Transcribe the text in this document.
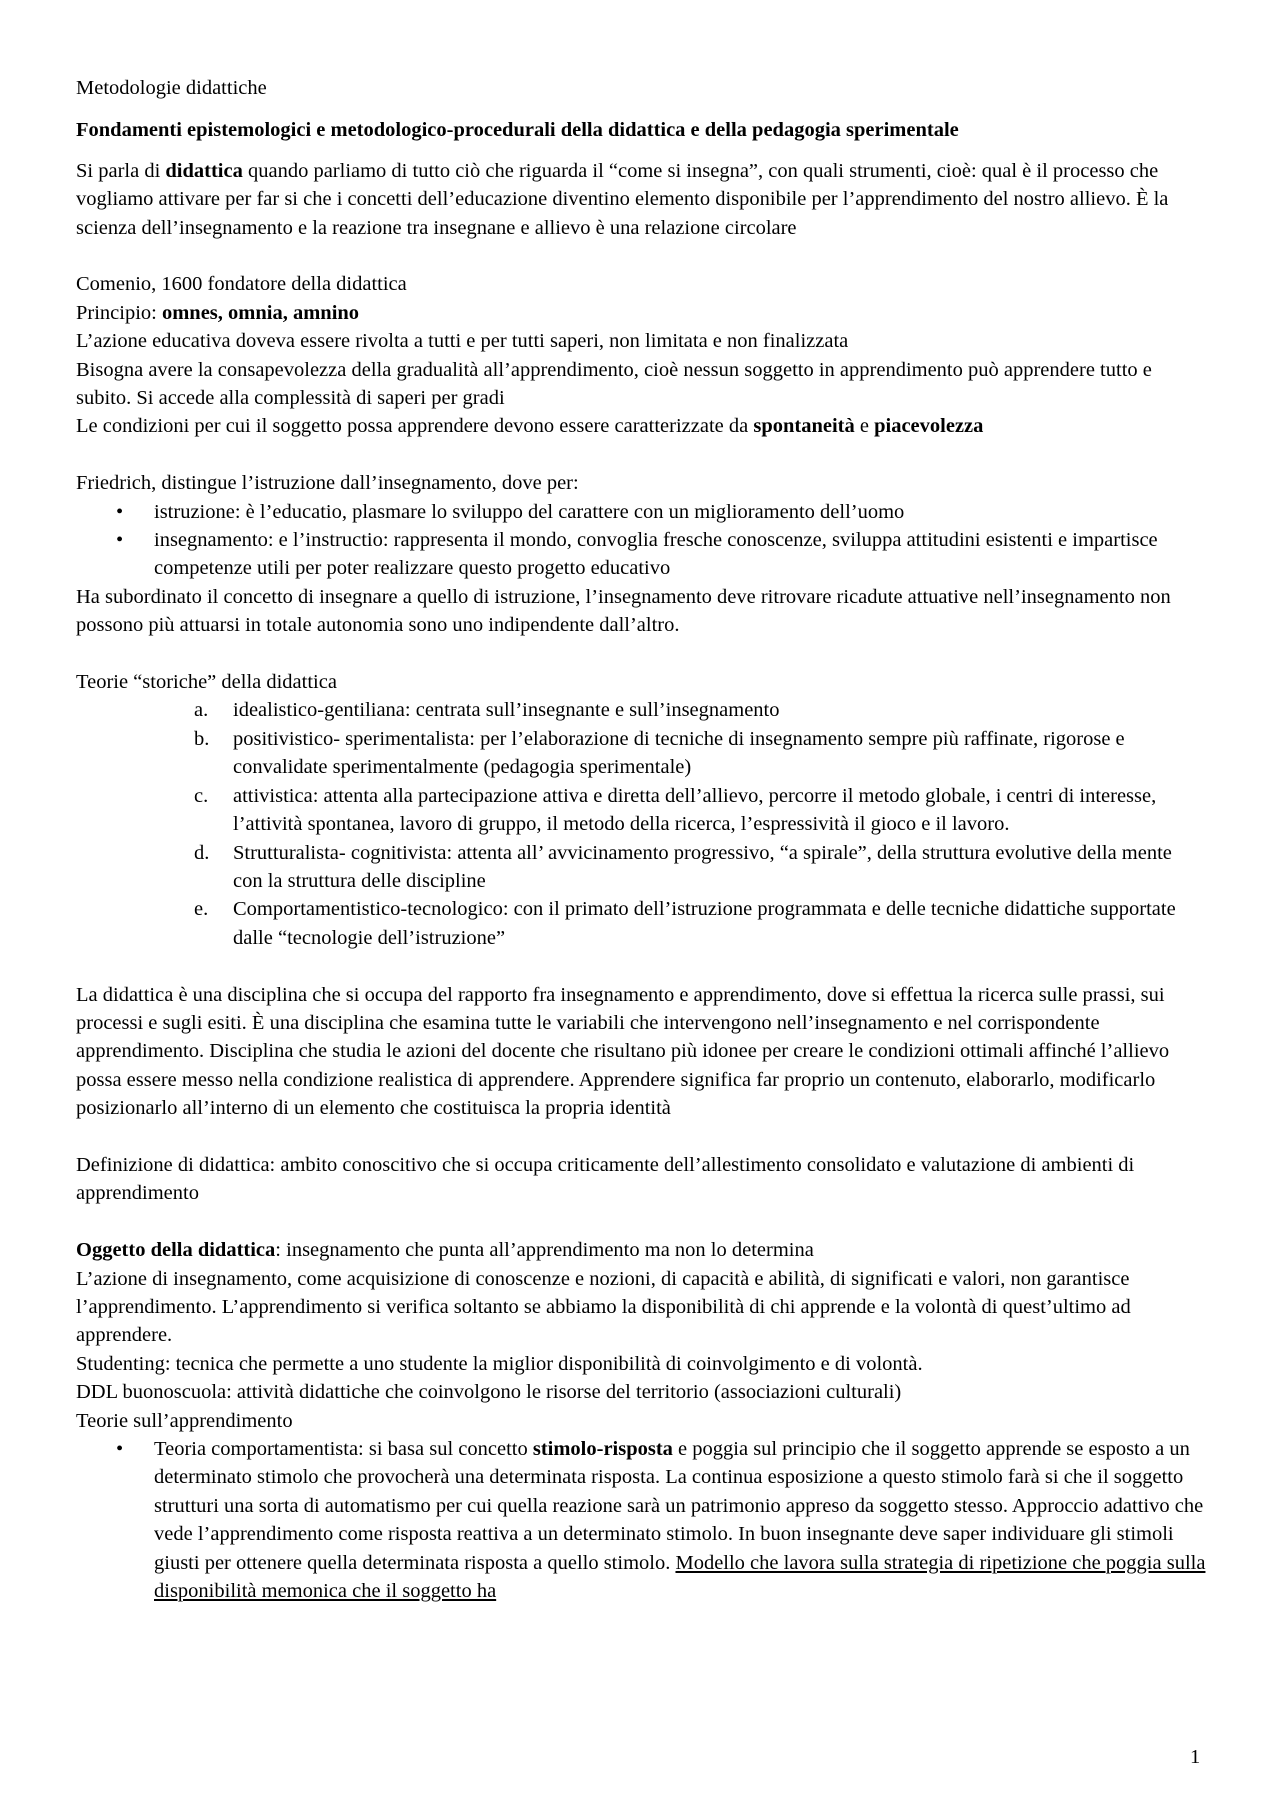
Metodologie didattiche

Fondamenti epistemologici e metodologico-procedurali della didattica e della pedagogia sperimentale

Si parla di didattica quando parliamo di tutto ciò che riguarda il “come si insegna”, con quali strumenti, cioè: qual è il processo che vogliamo attivare per far si che i concetti dell’educazione diventino elemento disponibile per l’apprendimento del nostro allievo. È la scienza dell’insegnamento e la reazione tra insegnane e allievo è una relazione circolare

Comenio, 1600 fondatore della didattica

Principio: omnes, omnia, amnino

L’azione educativa doveva essere rivolta a tutti e per tutti saperi, non limitata e non finalizzata

Bisogna avere la consapevolezza della gradualità all’apprendimento, cioè nessun soggetto in apprendimento può apprendere tutto e subito. Si accede alla complessità di saperi per gradi

Le condizioni per cui il soggetto possa apprendere devono essere caratterizzate da spontaneità e piacevolezza

Friedrich, distingue l’istruzione dall’insegnamento, dove per:

• istruzione: è l’educatio, plasmare lo sviluppo del carattere con un miglioramento dell’uomo
• insegnamento: e l’instructio: rappresenta il mondo, convoglia fresche conoscenze, sviluppa attitudini esistenti e impartisce competenze utili per poter realizzare questo progetto educativo

Ha subordinato il concetto di insegnare a quello di istruzione, l’insegnamento deve ritrovare ricadute attuative nell’insegnamento non possono più attuarsi in totale autonomia sono uno indipendente dall’altro.

Teorie “storiche” della didattica

a. idealistico-gentiliana: centrata sull’insegnante e sull’insegnamento
b. positivistico- sperimentalista: per l’elaborazione di tecniche di insegnamento sempre più raffinate, rigorose e convalidate sperimentalmente (pedagogia sperimentale)
c. attivistica: attenta alla partecipazione attiva e diretta dell’allievo, percorre il metodo globale, i centri di interesse, l’attività spontanea, lavoro di gruppo, il metodo della ricerca, l’espressività il gioco e il lavoro.
d. Strutturalista- cognitivista: attenta all’ avvicinamento progressivo, “a spirale”, della struttura evolutive della mente con la struttura delle discipline
e. Comportamentistico-tecnologico: con il primato dell’istruzione programmata e delle tecniche didattiche supportate dalle “tecnologie dell’istruzione”

La didattica è una disciplina che si occupa del rapporto fra insegnamento e apprendimento, dove si effettua la ricerca sulle prassi, sui processi e sugli esiti. È una disciplina che esamina tutte le variabili che intervengono nell’insegnamento e nel corrispondente apprendimento. Disciplina che studia le azioni del docente che risultano più idonee per creare le condizioni ottimali affinché l’allievo possa essere messo nella condizione realistica di apprendere. Apprendere significa far proprio un contenuto, elaborarlo, modificarlo posizionarlo all’interno di un elemento che costituisca la propria identità

Definizione di didattica: ambito conoscitivo che si occupa criticamente dell’allestimento consolidato e valutazione di ambienti di apprendimento

Oggetto della didattica: insegnamento che punta all’apprendimento ma non lo determina

L’azione di insegnamento, come acquisizione di conoscenze e nozioni, di capacità e abilità, di significati e valori, non garantisce l’apprendimento. L’apprendimento si verifica soltanto se abbiamo la disponibilità di chi apprende e la volontà di quest’ultimo ad apprendere.

Studenting: tecnica che permette a uno studente la miglior disponibilità di coinvolgimento e di volontà.

DDL buonoscuola: attività didattiche che coinvolgono le risorse del territorio (associazioni culturali)

Teorie sull’apprendimento

• Teoria comportamentista: si basa sul concetto stimolo-risposta e poggia sul principio che il soggetto apprende se esposto a un determinato stimolo che provocherà una determinata risposta. La continua esposizione a questo stimolo farà si che il soggetto strutturi una sorta di automatismo per cui quella reazione sarà un patrimonio appreso da soggetto stesso. Approccio adattivo che vede l’apprendimento come risposta reattiva a un determinato stimolo. In buon insegnante deve saper individuare gli stimoli giusti per ottenere quella determinata risposta a quello stimolo. Modello che lavora sulla strategia di ripetizione che poggia sulla disponibilità memonica che il soggetto ha
1
